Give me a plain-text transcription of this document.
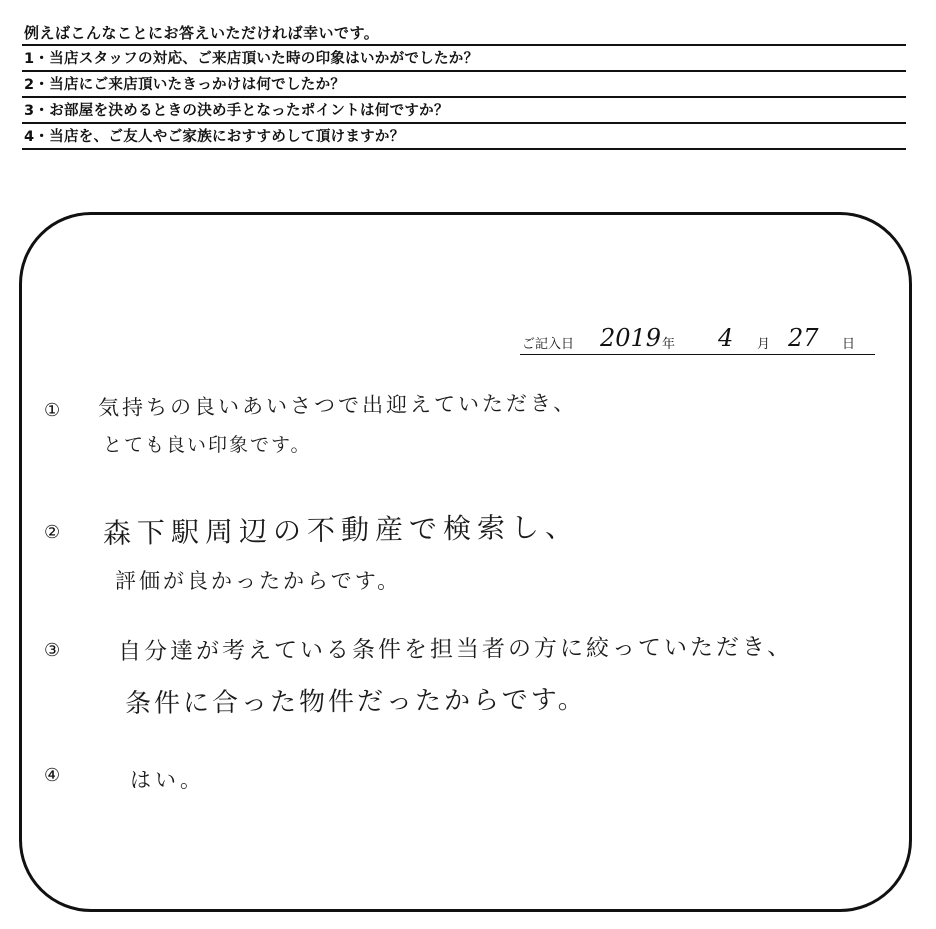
例えばこんなことにお答えいただければ幸いです。
1・当店スタッフの対応、ご来店頂いた時の印象はいかがでしたか？
2・当店にご来店頂いたきっかけは何でしたか？
3・お部屋を決めるときの決め手となったポイントは何ですか？
4・当店を、ご友人やご家族におすすめして頂けますか？
ご記入日 2019 年 4 月 27 日
① 気持ちの良いあいさつで出迎えていただき、
とても良い印象です。
② 森下駅周辺の不動産で検索し、
評価が良かったからです。
③	自分達が考えている条件を担当者の方に絞っていただき、
条件に合った物件だったからです。
④	はい。
